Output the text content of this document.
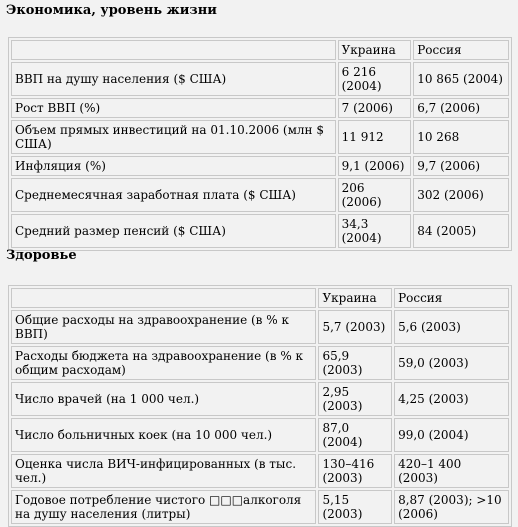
Экономика, уровень жизни
	Украина	Россия
ВВП на душу населения ($ США)	6 216 (2004)	10 865 (2004)
Рост ВВП (%)	7 (2006)	6,7 (2006)
Объем прямых инвестиций на 01.10.2006 (млн $ США)	11 912	10 268
Инфляция (%)	9,1 (2006)	9,7 (2006)
Среднемесячная заработная плата ($ США)	206 (2006)	302 (2006)
Средний размер пенсий ($ США)	34,3 (2004)	84 (2005)
Здоровье
	Украина	Россия
Общие расходы на здравоохранение (в % к ВВП)	5,7 (2003)	5,6 (2003)
Расходы бюджета на здравоохранение (в % к общим расходам)	65,9 (2003)	59,0 (2003)
Число врачей (на 1 000 чел.)	2,95 (2003)	4,25 (2003)
Число больничных коек (на 10 000 чел.)	87,0 (2004)	99,0 (2004)
Оценка числа ВИЧ-инфицированных (в тыс. чел.)	130–416 (2003)	420–1 400 (2003)
Годовое потребление чистого □□□алкоголя на душу населения (литры)	5,15 (2003)	8,87 (2003); >10 (2006)
